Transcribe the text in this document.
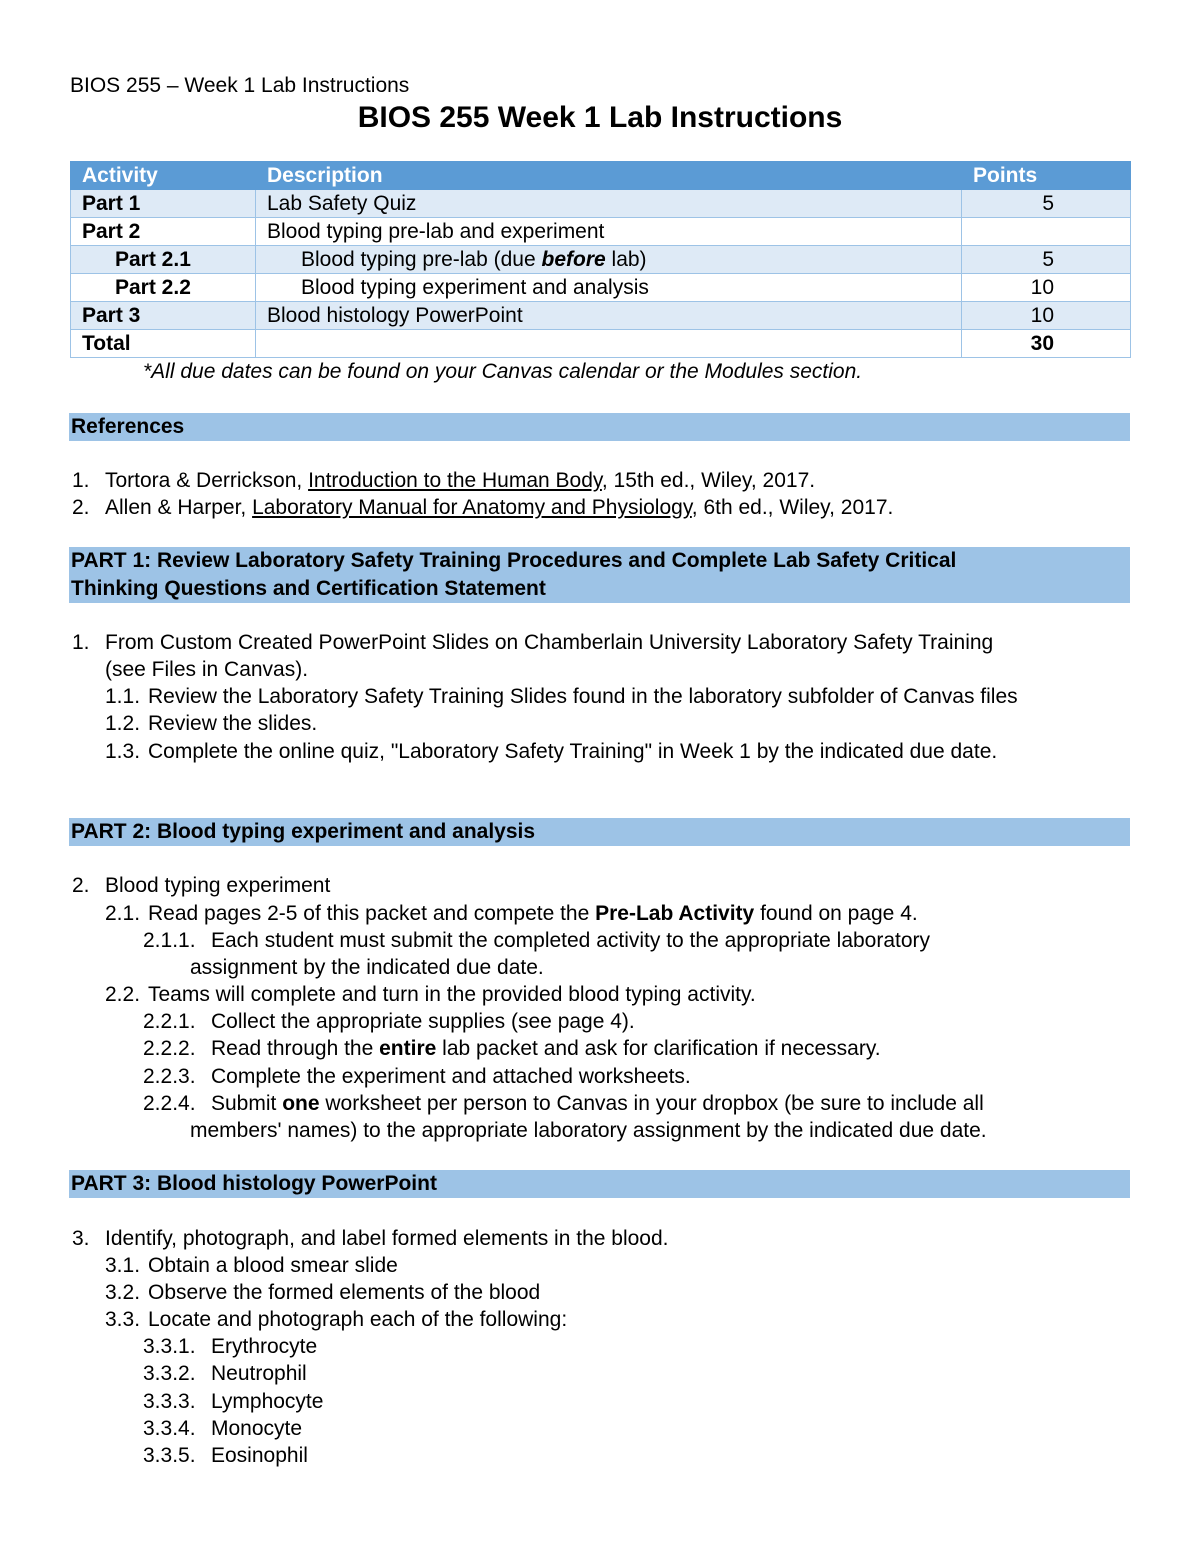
BIOS 255 – Week 1 Lab Instructions
BIOS 255 Week 1 Lab Instructions
Activity	Description	Points
Part 1	Lab Safety Quiz	5
Part 2	Blood typing pre-lab and experiment	
Part 2.1	Blood typing pre-lab (due before lab)	5
Part 2.2	Blood typing experiment and analysis	10
Part 3	Blood histology PowerPoint	10
Total		30
*All due dates can be found on your Canvas calendar or the Modules section.
References
1. Tortora & Derrickson, Introduction to the Human Body, 15th ed., Wiley, 2017.
2. Allen & Harper, Laboratory Manual for Anatomy and Physiology, 6th ed., Wiley, 2017.
PART 1: Review Laboratory Safety Training Procedures and Complete Lab Safety Critical
Thinking Questions and Certification Statement
1. From Custom Created PowerPoint Slides on Chamberlain University Laboratory Safety Training
(see Files in Canvas).
1.1. Review the Laboratory Safety Training Slides found in the laboratory subfolder of Canvas files
1.2. Review the slides.
1.3. Complete the online quiz, "Laboratory Safety Training" in Week 1 by the indicated due date.
PART 2: Blood typing experiment and analysis
2. Blood typing experiment
2.1. Read pages 2-5 of this packet and compete the Pre-Lab Activity found on page 4.
2.1.1. Each student must submit the completed activity to the appropriate laboratory
assignment by the indicated due date.
2.2. Teams will complete and turn in the provided blood typing activity.
2.2.1. Collect the appropriate supplies (see page 4).
2.2.2. Read through the entire lab packet and ask for clarification if necessary.
2.2.3. Complete the experiment and attached worksheets.
2.2.4. Submit one worksheet per person to Canvas in your dropbox (be sure to include all
members' names) to the appropriate laboratory assignment by the indicated due date.
PART 3: Blood histology PowerPoint
3. Identify, photograph, and label formed elements in the blood.
3.1. Obtain a blood smear slide
3.2. Observe the formed elements of the blood
3.3. Locate and photograph each of the following:
3.3.1. Erythrocyte
3.3.2. Neutrophil
3.3.3. Lymphocyte
3.3.4. Monocyte
3.3.5. Eosinophil
